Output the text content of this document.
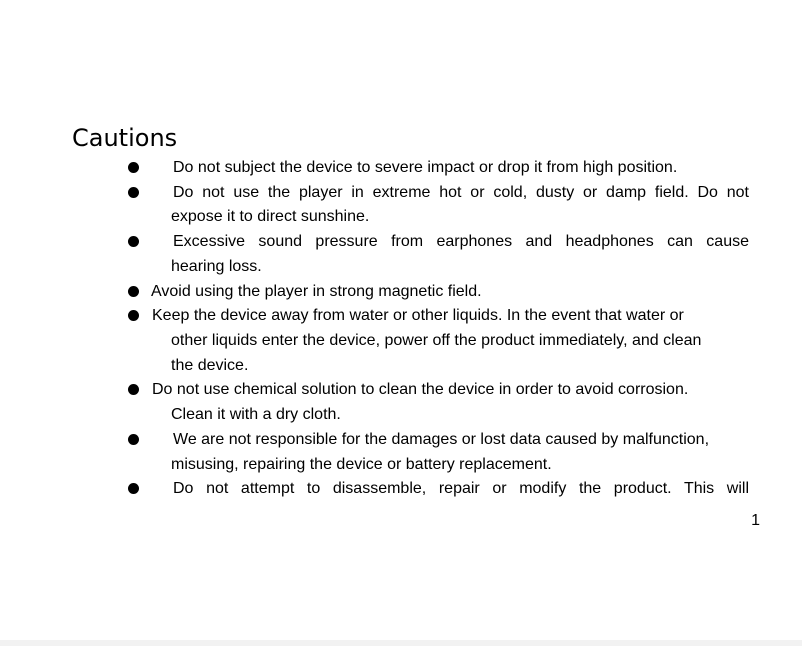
Cautions
Do not subject the device to severe impact or drop it from high position.
Do not use the player in extreme hot or cold, dusty or damp field. Do not
expose it to direct sunshine.
Excessive sound pressure from earphones and headphones can cause
hearing loss.
Avoid using the player in strong magnetic field.
Keep the device away from water or other liquids. In the event that water or
other liquids enter the device, power off the product immediately, and clean
the device.
Do not use chemical solution to clean the device in order to avoid corrosion.
Clean it with a dry cloth.
We are not responsible for the damages or lost data caused by malfunction,
misusing, repairing the device or battery replacement.
Do not attempt to disassemble, repair or modify the product. This will
1
